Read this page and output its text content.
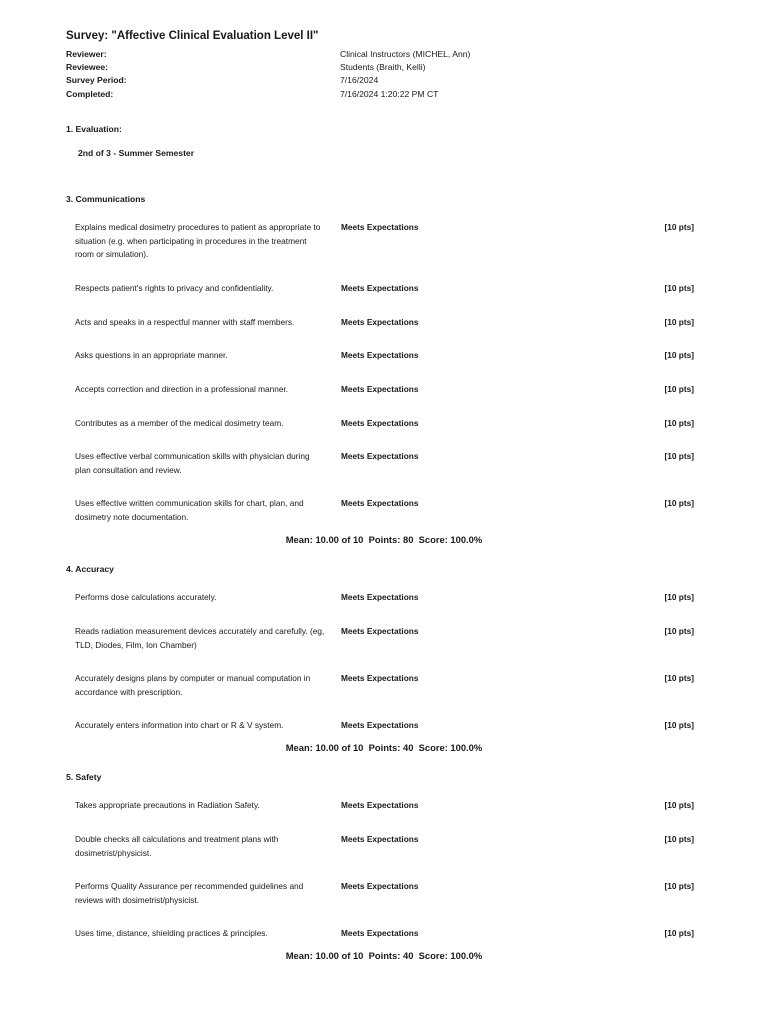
Survey: "Affective Clinical Evaluation Level II"
Reviewer:	Clinical Instructors (MICHEL, Ann)
Reviewee:	Students (Braith, Kelli)
Survey Period:	7/16/2024
Completed:	7/16/2024 1:20:22 PM CT
1. Evaluation:
2nd of 3 - Summer Semester
3. Communications
Explains medical dosimetry procedures to patient as appropriate to situation (e.g. when participating in procedures in the treatment room or simulation).
Meets Expectations	[10 pts]
Respects patient's rights to privacy and confidentiality.	Meets Expectations	[10 pts]
Acts and speaks in a respectful manner with staff members.	Meets Expectations	[10 pts]
Asks questions in an appropriate manner.	Meets Expectations	[10 pts]
Accepts correction and direction in a professional manner.	Meets Expectations	[10 pts]
Contributes as a member of the medical dosimetry team.	Meets Expectations	[10 pts]
Uses effective verbal communication skills with physician during plan consultation and review.
Meets Expectations	[10 pts]
Uses effective written communication skills for chart, plan, and dosimetry note documentation.
Meets Expectations	[10 pts]
Mean: 10.00 of 10 Points: 80 Score: 100.0%
4. Accuracy
Performs dose calculations accurately.	Meets Expectations	[10 pts]
Reads radiation measurement devices accurately and carefully. (eg, TLD, Diodes, Film, Ion Chamber)
Meets Expectations	[10 pts]
Accurately designs plans by computer or manual computation in accordance with prescription.
Meets Expectations	[10 pts]
Accurately enters information into chart or R & V system.	Meets Expectations	[10 pts]
Mean: 10.00 of 10 Points: 40 Score: 100.0%
5. Safety
Takes appropriate precautions in Radiation Safety.	Meets Expectations	[10 pts]
Double checks all calculations and treatment plans with dosimetrist/physicist.
Meets Expectations	[10 pts]
Performs Quality Assurance per recommended guidelines and reviews with dosimetrist/physicist.
Meets Expectations	[10 pts]
Uses time, distance, shielding practices & principles.	Meets Expectations	[10 pts]
Mean: 10.00 of 10 Points: 40 Score: 100.0%
